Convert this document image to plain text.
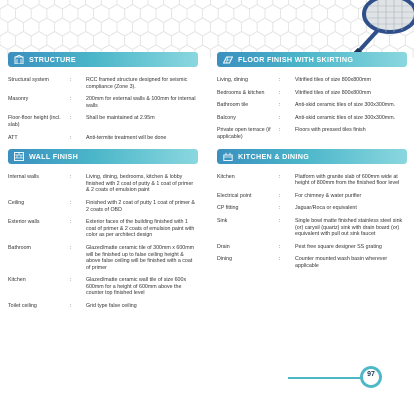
STRUCTURE
Structural system	:	RCC framed structure designed for seismic compliance (Zone 3).
Masonry	:	200mm for external walls & 100mm for internal walls
Floor-floor height (incl. slab)	:	Shall be maintained at 2.95m
ATT	:	Anti-termite treatment will be done
WALL FINISH
Internal walls	:	Living, dining, bedrooms, kitchen & lobby finished with 2 coat of putty & 1 coat of primer & 2 coats of emulsion paint
Ceiling	:	Finished with 2 coat of putty 1 coat of primer & 2 coats of OBD
Exterior walls	:	Exterior faces of the building finished with 1 coat of primer & 2 coats of emulsion paint with color as per architect design
Bathroom	:	Glazed/matte ceramic tile of 300mm x 600mm will be finished up to false ceiling height & above false ceiling will be finished with a coat of primer
Kitchen	:	Glazed/matte ceramic wall tile of size 600x 600mm for a height of 600mm above the counter top finished level
Toilet ceiling	:	Grid type false ceiling
FLOOR FINISH WITH SKIRTING
Living, dining	:	Vitrified tiles of size 800x800mm
Bedrooms & kitchen	:	Vitrified tiles of size 800x800mm
Bathroom tile	:	Anti-skid ceramic tiles of size 300x300mm.
Balcony	:	Anti-skid ceramic tiles of size 300x300mm.
Private open terrace (if applicable)	:	Floors with pressed tiles finish
KITCHEN & DINING
Kitchen	:	Platform with granite slab of 600mm wide at height of 800mm from the finished floor level
Electrical point	:	For chimney & water purifier
CP fitting	:	Jaguar/Roca or equivalent
Sink	:	Single bowl matte finished stainless steel sink (or) carysil (quartz) sink with drain board (or) equivalent with pull out sink faucet
Drain	:	Pest free square designer SS grating
Dining	:	Counter mounted wash basin wherever applicable
97
